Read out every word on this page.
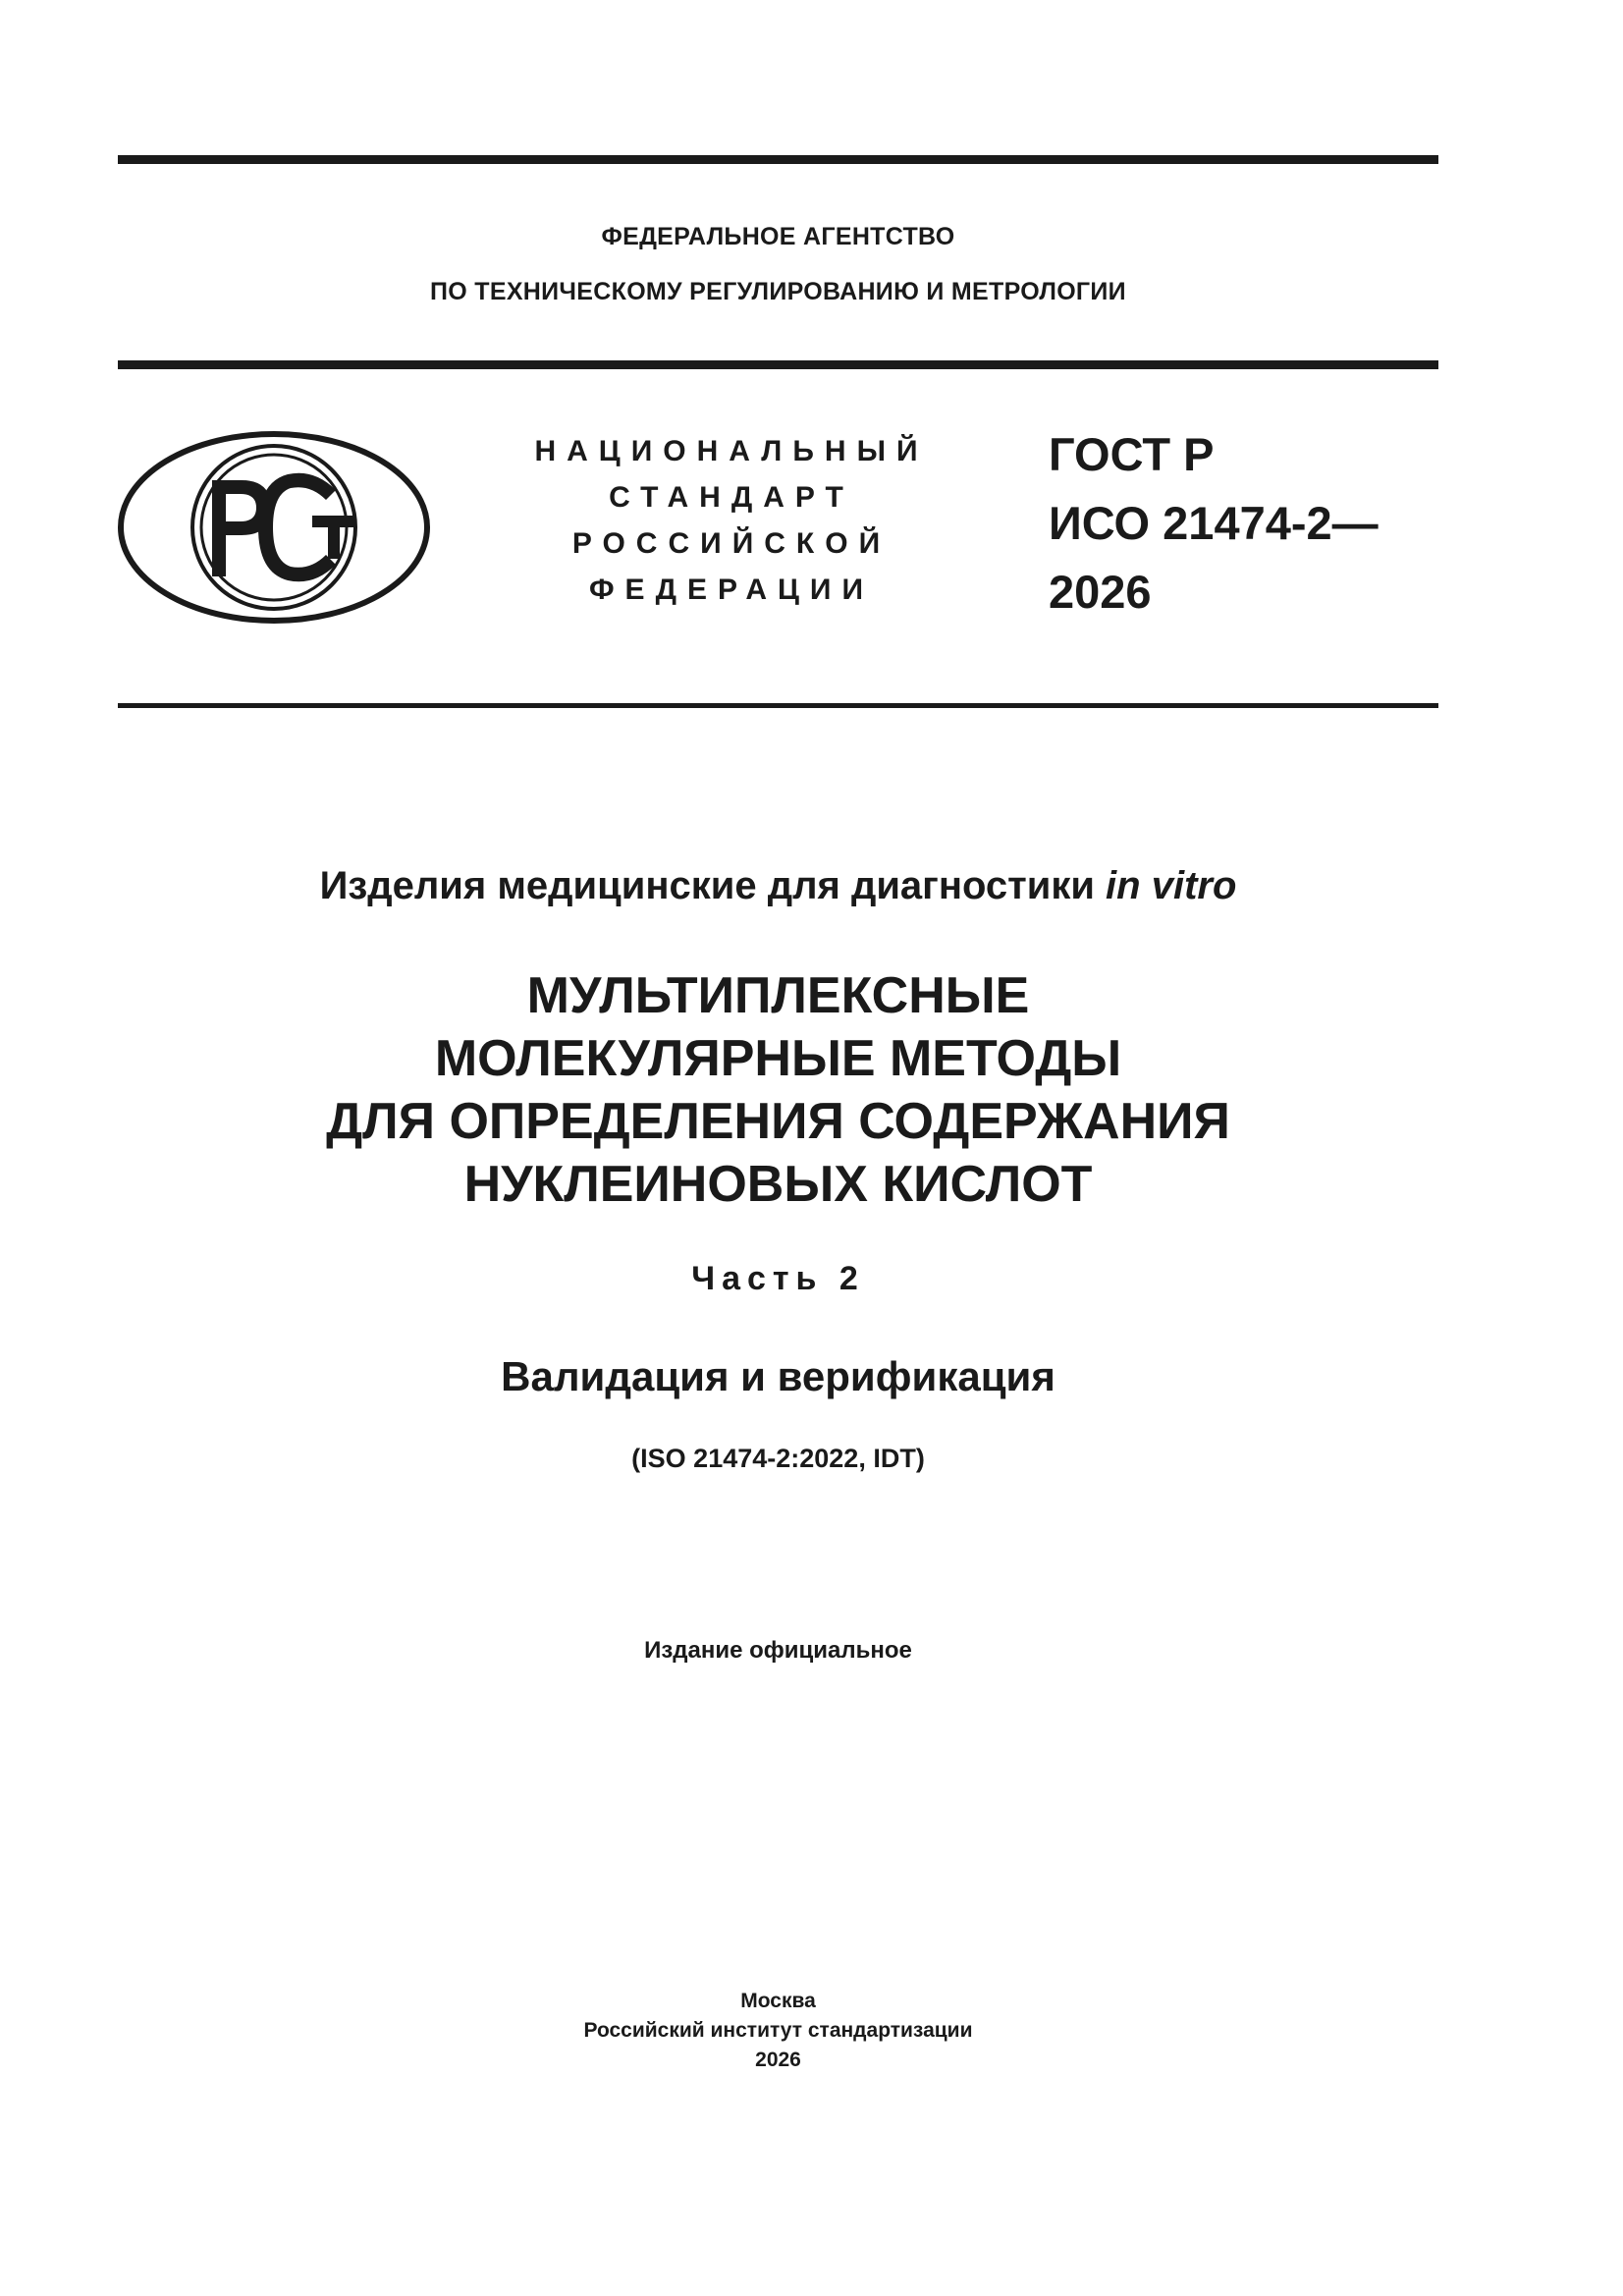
ФЕДЕРАЛЬНОЕ АГЕНТСТВО
ПО ТЕХНИЧЕСКОМУ РЕГУЛИРОВАНИЮ И МЕТРОЛОГИИ
НАЦИОНАЛЬНЫЙ
СТАНДАРТ
РОССИЙСКОЙ
ФЕДЕРАЦИИ
ГОСТ Р
ИСО 21474-2—
2026
Изделия медицинские для диагностики in vitro
МУЛЬТИПЛЕКСНЫЕ
МОЛЕКУЛЯРНЫЕ МЕТОДЫ
ДЛЯ ОПРЕДЕЛЕНИЯ СОДЕРЖАНИЯ
НУКЛЕИНОВЫХ КИСЛОТ
Часть 2
Валидация и верификация
(ISO 21474-2:2022, IDT)
Издание официальное
Москва
Российский институт стандартизации
2026
